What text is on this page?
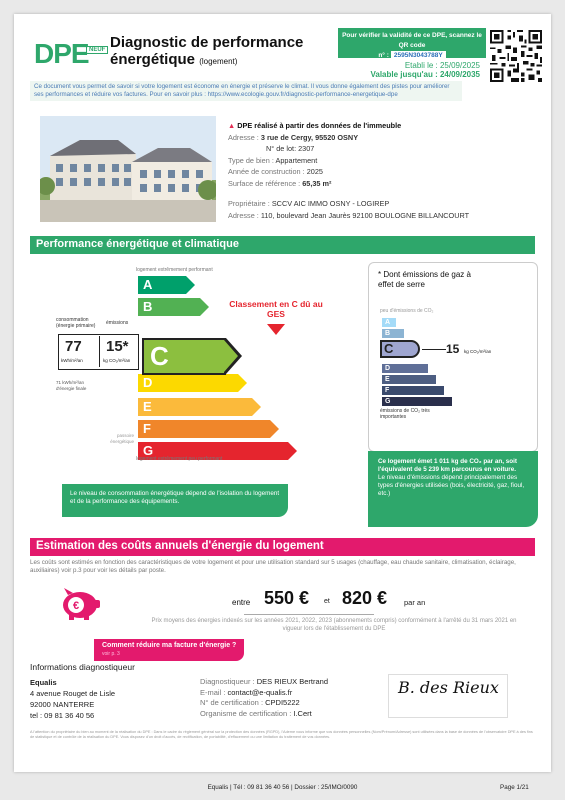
DPE NEUF Diagnostic de performance
énergétique (logement)
Pour vérifier la validité de ce DPE, scannez le QR code
n° : 2595N3043788Y
Etabli le : 25/09/2025
Valable jusqu'au : 24/09/2035
Ce document vous permet de savoir si votre logement est économe en énergie et préserve le climat. Il vous donne également des pistes pour améliorer ses performances et réduire vos factures. Pour en savoir plus : https://www.ecologie.gouv.fr/diagnostic-performance-energetique-dpe
▲ DPE réalisé à partir des données de l'immeuble
Adresse : 3 rue de Cergy, 95520 OSNY
N° de lot: 2307
Type de bien : Appartement
Année de construction : 2025
Surface de référence : 65,35 m²
Propriétaire : SCCV AIC IMMO OSNY - LOGIREP
Adresse : 110, boulevard Jean Jaurès 92100 BOULOGNE BILLANCOURT
Performance énergétique et climatique
logement extrêmement performant
A
B
D
E
F
G
logement extrêmement peu performant
C
consommation (énergie primaire)	émissions
77
kWh/m²/an
15*
kg CO₂/m²/an
71 kWh/m²/an d'énergie finale
passoire énergétique
Classement en C dû au GES
Le niveau de consommation énergétique dépend de l'isolation du logement et de la performance des équipements.
* Dont émissions de gaz à effet de serre
peu d'émissions de CO₂
A
B
D
E
F
G
C	15 kg CO₂/m²/an
émissions de CO₂ très importantes
Ce logement émet 1 011 kg de CO₂ par an, soit l'équivalent de 5 239 km parcourus en voiture.
Le niveau d'émissions dépend principalement des types d'énergies utilisées (bois, électricité, gaz, fioul, etc.)
Estimation des coûts annuels d'énergie du logement
Les coûts sont estimés en fonction des caractéristiques de votre logement et pour une utilisation standard sur 5 usages (chauffage, eau chaude sanitaire, climatisation, éclairage, auxiliaires) voir p.3 pour voir les détails par poste.
€	entre 550 € et 820 € par an
Prix moyens des énergies indexés sur les années 2021, 2022, 2023 (abonnements compris) conformément à l'arrêté du 31 mars 2021 en vigueur lors de l'établissement du DPE
Comment réduire ma facture d'énergie ?
voir p. 3
Informations diagnostiqueur
Equalis
4 avenue Rouget de Lisle
92000 NANTERRE
tel : 09 81 36 40 56
Diagnostiqueur : DES RIEUX Bertrand
E-mail : contact@e-qualis.fr
N° de certification : CPDI5222
Organisme de certification : I.Cert
B. des Rieux
A l'attention du propriétaire du bien au moment de la réalisation du DPE : Dans le cadre du règlement général sur la protection des données (RGPD), l'Ademe vous informe que vos données personnelles (Nom/Prénom/Adresse) sont utilisées dans la base de données de l'observatoire DPE à des fins de statistique et de contrôle de la réalisation du DPE. Vous disposez d'un droit d'accès, de rectification, de portabilité, d'effacement ou une limitation du traitement de vos données.
Equalis | Tél : 09 81 36 40 56 | Dossier : 25/IMO/0090	Page 1/21
